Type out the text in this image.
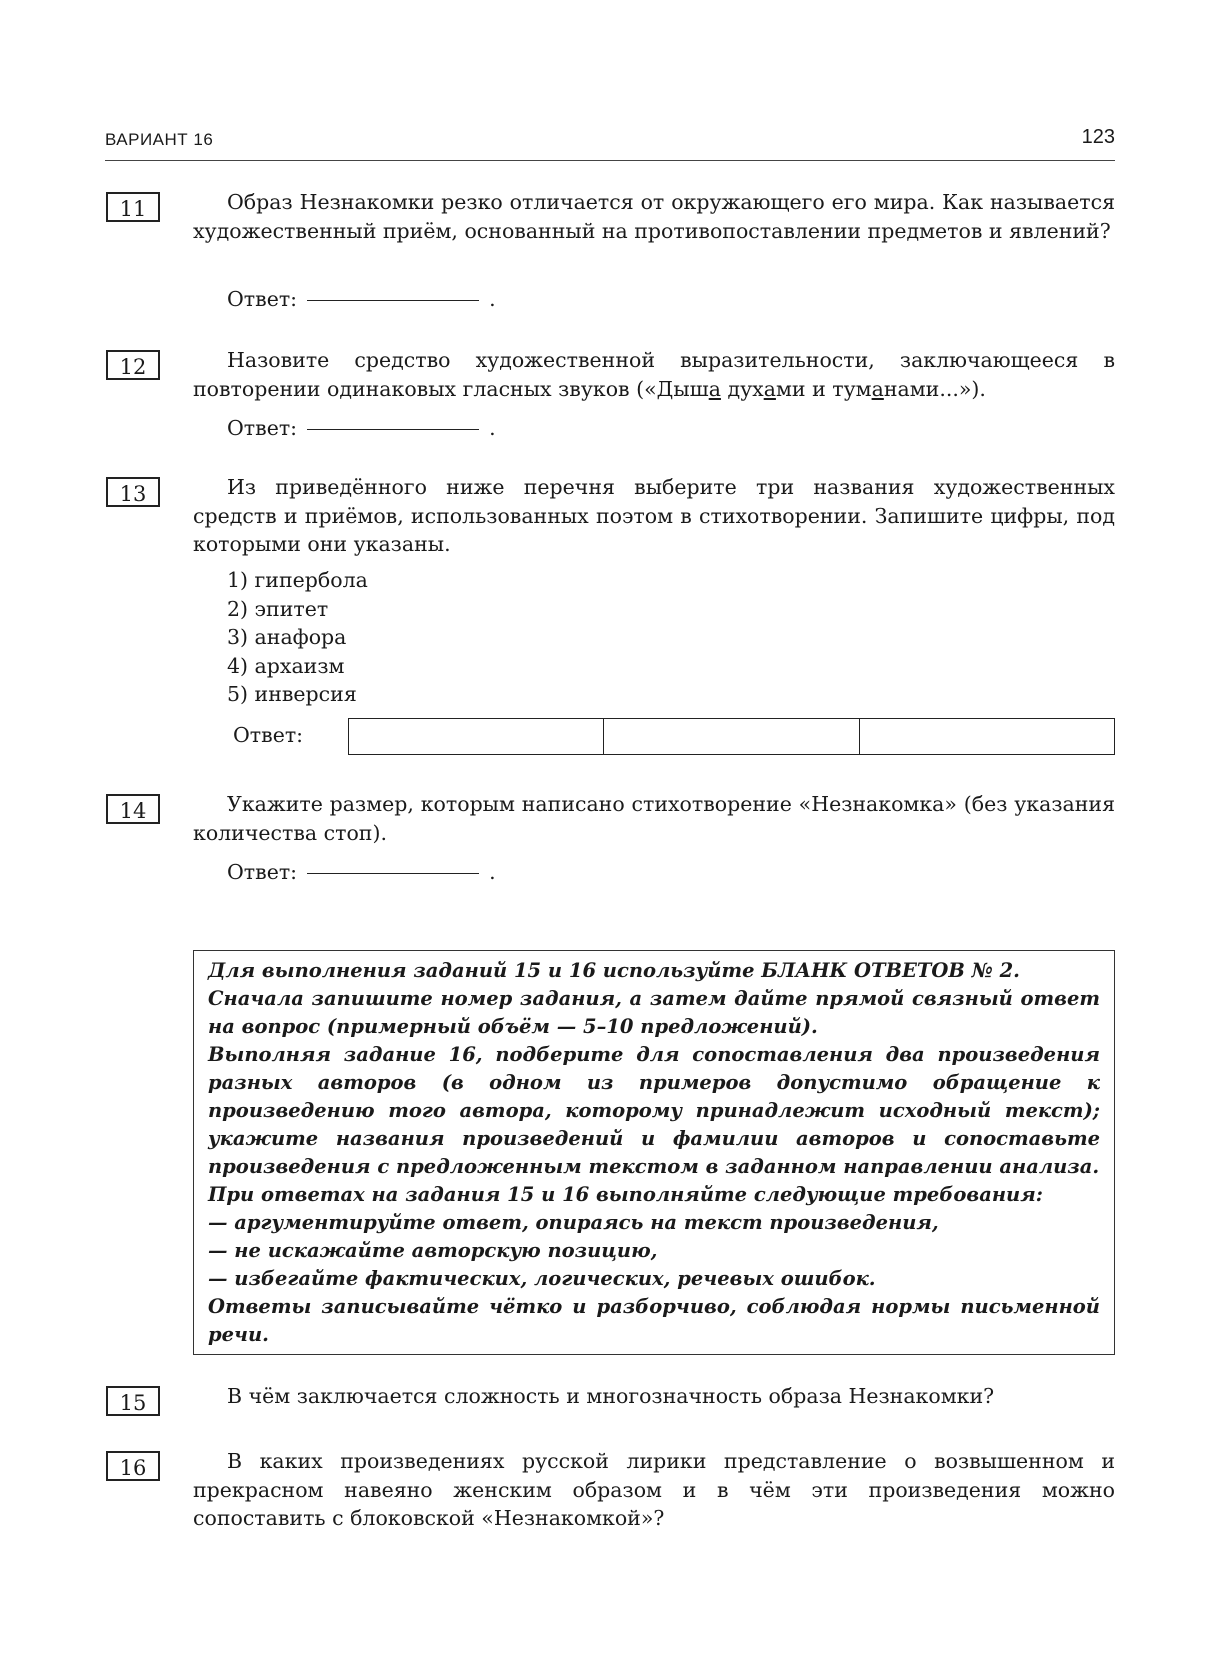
ВАРИАНТ 16	123
11	Образ Незнакомки резко отличается от окружающего его мира. Как называется художественный приём, основанный на противопоставлении предметов и явлений?
Ответ:	.
12	Назовите средство художественной выразительности, заключающееся в повторении одинаковых гласных звуков («Дыша духами и туманами...»).
Ответ:	.
13	Из приведённого ниже перечня выберите три названия художественных средств и приёмов, использованных поэтом в стихотворении. Запишите цифры, под которыми они указаны.
1) гипербола
2) эпитет
3) анафора
4) архаизм
5) инверсия
Ответ:
14	Укажите размер, которым написано стихотворение «Незнакомка» (без указания количества стоп).
Ответ:	.

Для выполнения заданий 15 и 16 используйте БЛАНК ОТВЕТОВ № 2.

Сначала запишите номер задания, а затем дайте прямой связный ответ на вопрос (примерный объём — 5–10 предложений).

Выполняя задание 16, подберите для сопоставления два произведения разных авторов (в одном из примеров допустимо обращение к произведению того автора, которому принадлежит исходный текст); укажите названия произведений и фамилии авторов и сопоставьте произведения с предложенным текстом в заданном направлении анализа.

При ответах на задания 15 и 16 выполняйте следующие требования:

— аргументируйте ответ, опираясь на текст произведения,

— не искажайте авторскую позицию,

— избегайте фактических, логических, речевых ошибок.

Ответы записывайте чётко и разборчиво, соблюдая нормы письменной речи.

15	В чём заключается сложность и многозначность образа Незнакомки?
16	В каких произведениях русской лирики представление о возвышенном и прекрасном навеяно женским образом и в чём эти произведения можно сопоставить с блоковской «Незнакомкой»?
